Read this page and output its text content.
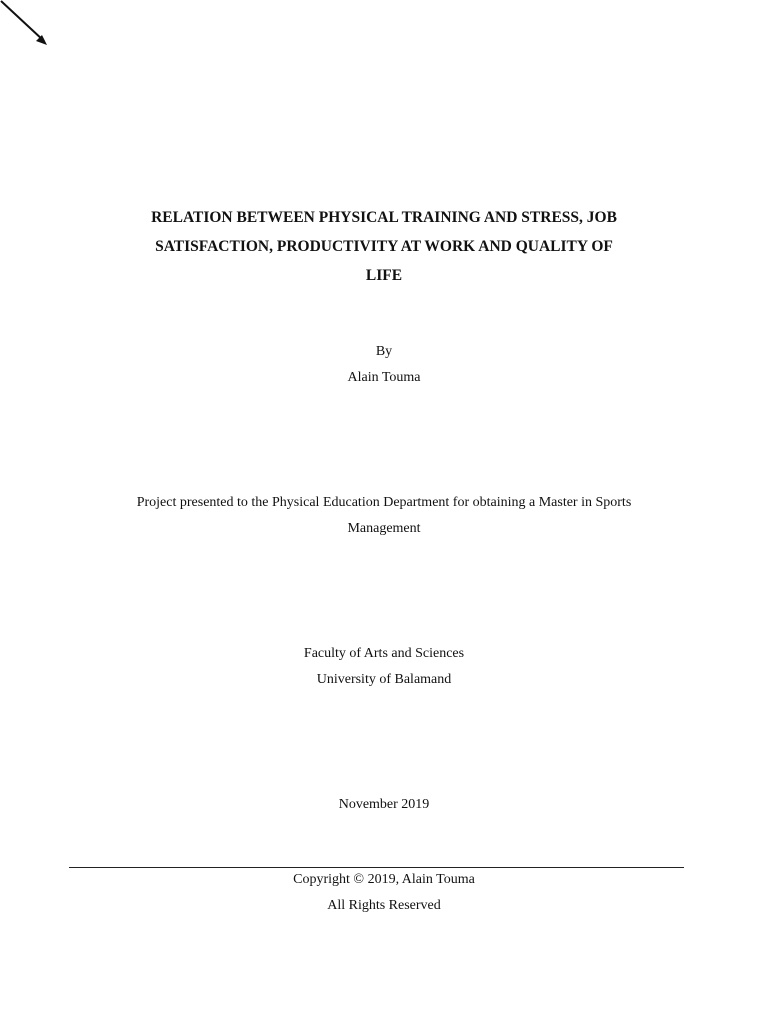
RELATION BETWEEN PHYSICAL TRAINING AND STRESS, JOB
SATISFACTION, PRODUCTIVITY AT WORK AND QUALITY OF
LIFE
By
Alain Touma
Project presented to the Physical Education Department for obtaining a Master in Sports
Management
Faculty of Arts and Sciences
University of Balamand
November 2019
Copyright © 2019, Alain Touma
All Rights Reserved
